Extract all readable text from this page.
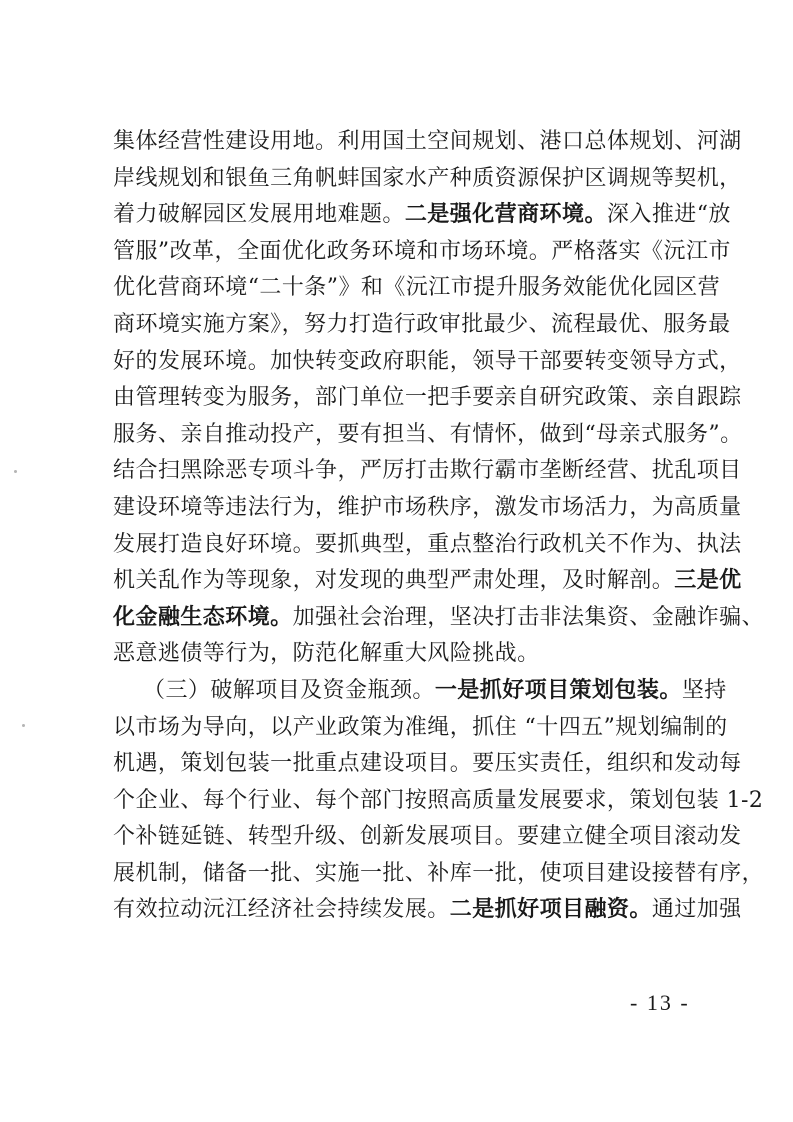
集体经营性建设用地。利用国土空间规划、港口总体规划、河湖
岸线规划和银鱼三角帆蚌国家水产种质资源保护区调规等契机，
着力破解园区发展用地难题。二是强化营商环境。深入推进“放
管服”改革，全面优化政务环境和市场环境。严格落实《沅江市
优化营商环境“二十条”》和《沅江市提升服务效能优化园区营
商环境实施方案》，努力打造行政审批最少、流程最优、服务最
好的发展环境。加快转变政府职能，领导干部要转变领导方式，
由管理转变为服务，部门单位一把手要亲自研究政策、亲自跟踪
服务、亲自推动投产，要有担当、有情怀，做到“母亲式服务”。
结合扫黑除恶专项斗争，严厉打击欺行霸市垄断经营、扰乱项目
建设环境等违法行为，维护市场秩序，激发市场活力，为高质量
发展打造良好环境。要抓典型，重点整治行政机关不作为、执法
机关乱作为等现象，对发现的典型严肃处理，及时解剖。三是优
化金融生态环境。加强社会治理，坚决打击非法集资、金融诈骗、
恶意逃债等行为，防范化解重大风险挑战。
（三）破解项目及资金瓶颈。一是抓好项目策划包装。坚持
以市场为导向，以产业政策为准绳，抓住 “十四五”规划编制的
机遇，策划包装一批重点建设项目。要压实责任，组织和发动每
个企业、每个行业、每个部门按照高质量发展要求，策划包装 1-2
个补链延链、转型升级、创新发展项目。要建立健全项目滚动发
展机制，储备一批、实施一批、补库一批，使项目建设接替有序，
有效拉动沅江经济社会持续发展。二是抓好项目融资。通过加强
- 13 -
